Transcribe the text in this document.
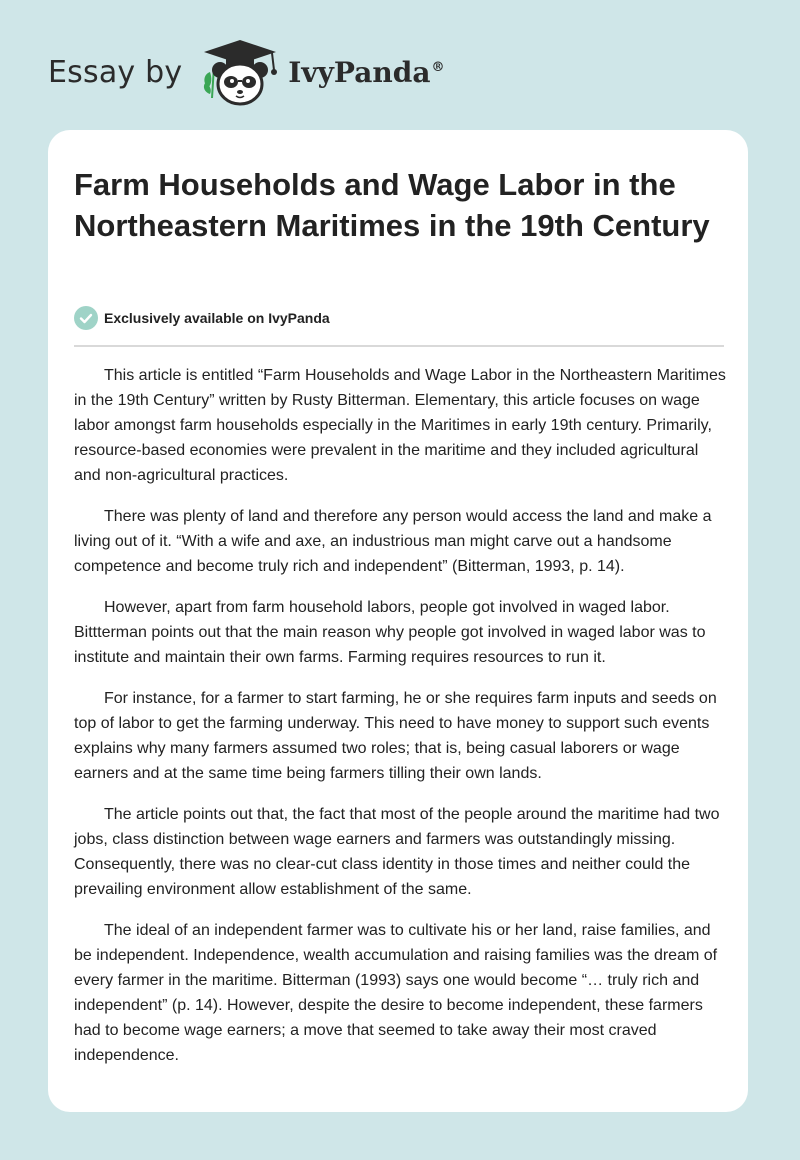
Essay by	IvyPanda®
Farm Households and Wage Labor in the Northeastern Maritimes in the 19th Century
Exclusively available on IvyPanda

This article is entitled “Farm Households and Wage Labor in the Northeastern Maritimes in the 19th Century” written by Rusty Bitterman. Elementary, this article focuses on wage labor amongst farm households especially in the Maritimes in early 19th century. Primarily, resource-based economies were prevalent in the maritime and they included agricultural and non-agricultural practices.

There was plenty of land and therefore any person would access the land and make a living out of it. “With a wife and axe, an industrious man might carve out a handsome competence and become truly rich and independent” (Bitterman, 1993, p. 14).

However, apart from farm household labors, people got involved in waged labor. Bittterman points out that the main reason why people got involved in waged labor was to institute and maintain their own farms. Farming requires resources to run it.

For instance, for a farmer to start farming, he or she requires farm inputs and seeds on top of labor to get the farming underway. This need to have money to support such events explains why many farmers assumed two roles; that is, being casual laborers or wage earners and at the same time being farmers tilling their own lands.

The article points out that, the fact that most of the people around the maritime had two jobs, class distinction between wage earners and farmers was outstandingly missing. Consequently, there was no clear-cut class identity in those times and neither could the prevailing environment allow establishment of the same.

The ideal of an independent farmer was to cultivate his or her land, raise families, and be independent. Independence, wealth accumulation and raising families was the dream of every farmer in the maritime. Bitterman (1993) says one would become “… truly rich and independent” (p. 14). However, despite the desire to become independent, these farmers had to become wage earners; a move that seemed to take away their most craved independence.
